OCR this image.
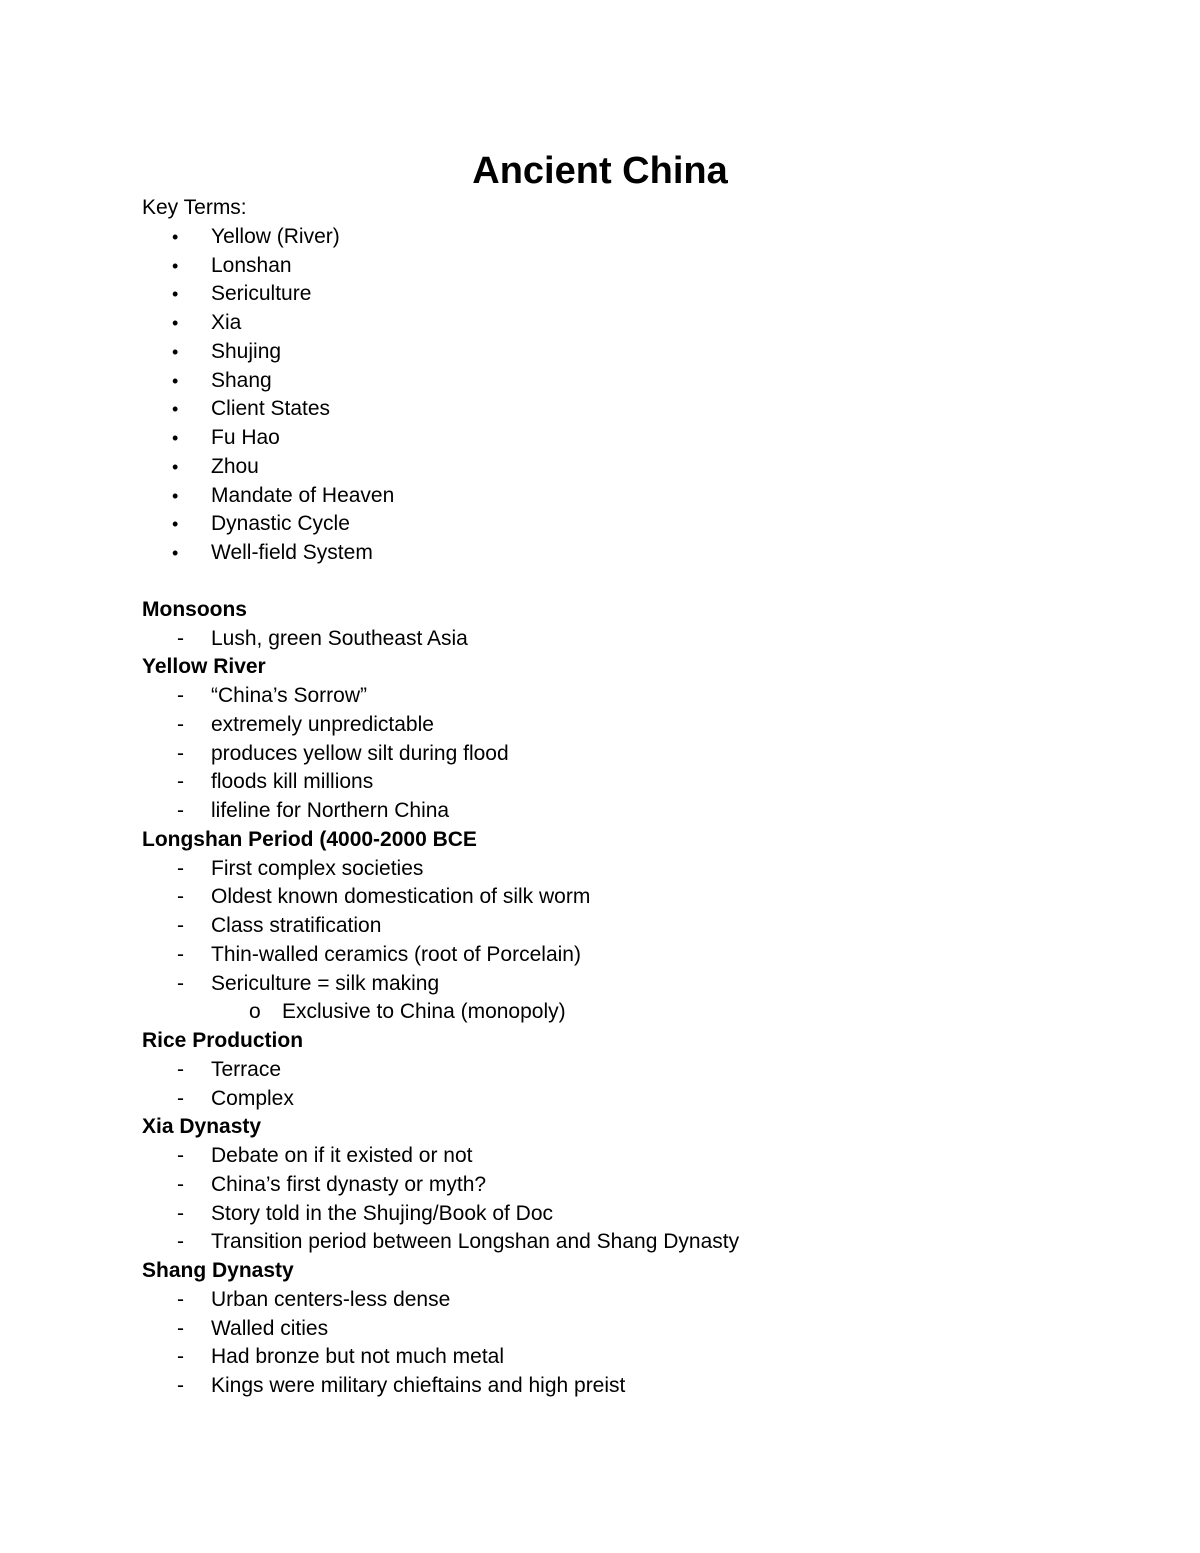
Ancient China
Key Terms:
• Yellow (River)
• Lonshan
• Sericulture
• Xia
• Shujing
• Shang
• Client States
• Fu Hao
• Zhou
• Mandate of Heaven
• Dynastic Cycle
• Well-field System
Monsoons
- Lush, green Southeast Asia
Yellow River
- “China’s Sorrow”
- extremely unpredictable
- produces yellow silt during flood
- floods kill millions
- lifeline for Northern China
Longshan Period (4000-2000 BCE
- First complex societies
- Oldest known domestication of silk worm
- Class stratification
- Thin-walled ceramics (root of Porcelain)
- Sericulture = silk making
o Exclusive to China (monopoly)
Rice Production
- Terrace
- Complex
Xia Dynasty
- Debate on if it existed or not
- China’s first dynasty or myth?
- Story told in the Shujing/Book of Doc
- Transition period between Longshan and Shang Dynasty
Shang Dynasty
- Urban centers-less dense
- Walled cities
- Had bronze but not much metal
- Kings were military chieftains and high preist
